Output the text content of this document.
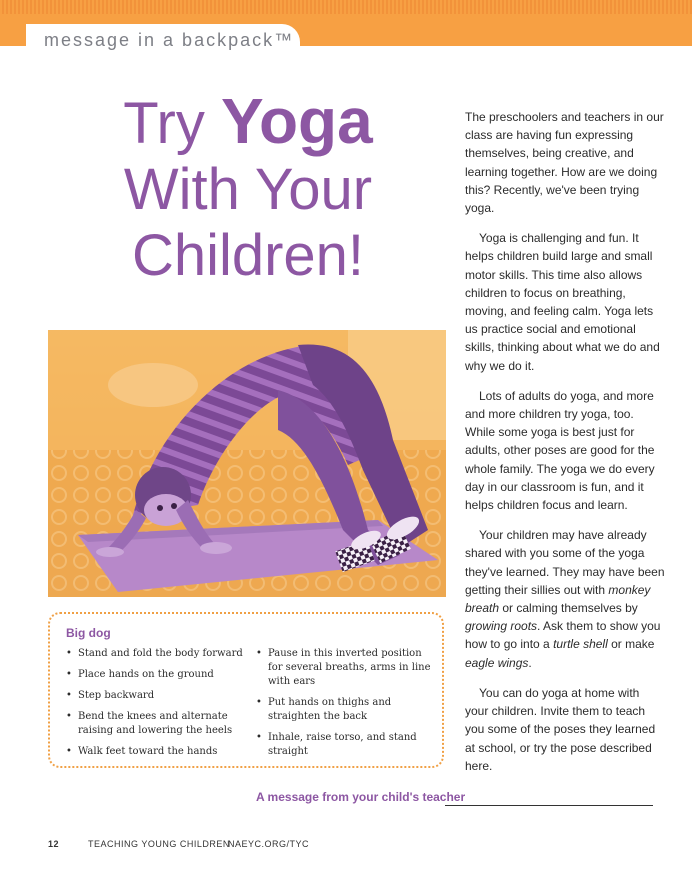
message in a backpack™
Try Yoga
With Your
Children!

The preschoolers and teachers in our class are having fun expressing themselves, being creative, and learning together. How are we doing this? Recently, we've been trying yoga.

Yoga is challenging and fun. It helps children build large and small motor skills. This time also allows children to focus on breathing, moving, and feeling calm. Yoga lets us practice social and emotional skills, thinking about what we do and why we do it.

Lots of adults do yoga, and more and more children try yoga, too. While some yoga is best just for adults, other poses are good for the whole family. The yoga we do every day in our classroom is fun, and it helps children focus and learn.

Your children may have already shared with you some of the yoga they've learned. They may have been getting their sillies out with monkey breath or calming themselves by growing roots. Ask them to show you how to go into a turtle shell or make eagle wings.

You can do yoga at home with your children. Invite them to teach you some of the poses they learned at school, or try the pose described here.

Big dog
• Stand and fold the body forward
• Place hands on the ground
• Step backward
• Bend the knees and alternate raising and lowering the heels
• Walk feet toward the hands
• Pause in this inverted position for several breaths, arms in line with ears
• Put hands on thighs and straighten the back
• Inhale, raise torso, and stand straight
A message from your child's teacher
12	TEACHING YOUNG CHILDREN
NAEYC.ORG/TYC
